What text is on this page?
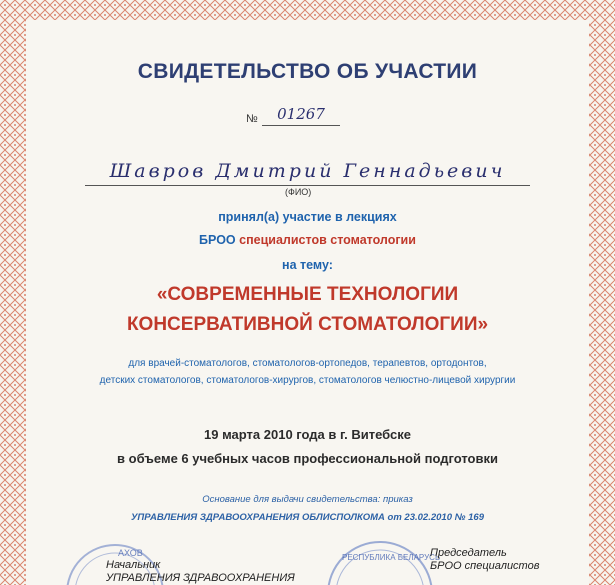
СВИДЕТЕЛЬСТВО ОБ УЧАСТИИ
№	01267
Шавров Дмитрий Геннадьевич
(ФИО)
принял(а) участие в лекциях
БРОО специалистов стоматологии
на тему:
«СОВРЕМЕННЫЕ ТЕХНОЛОГИИ
КОНСЕРВАТИВНОЙ СТОМАТОЛОГИИ»
для врачей-стоматологов, стоматологов-ортопедов, терапевтов, ортодонтов,
детских стоматологов, стоматологов-хирургов, стоматологов челюстно-лицевой хирургии
19 марта 2010 года в г. Витебске
в объеме 6 учебных часов профессиональной подготовки
Основание для выдачи свидетельства: приказ
УПРАВЛЕНИЯ ЗДРАВООХРАНЕНИЯ ОБЛИСПОЛКОМА от 23.02.2010 № 169
АХОВ	РЕСПУБЛИКА БЕЛАРУСЬ
Начальник
УПРАВЛЕНИЯ ЗДРАВООХРАНЕНИЯ
Председатель
БРОО специалистов
